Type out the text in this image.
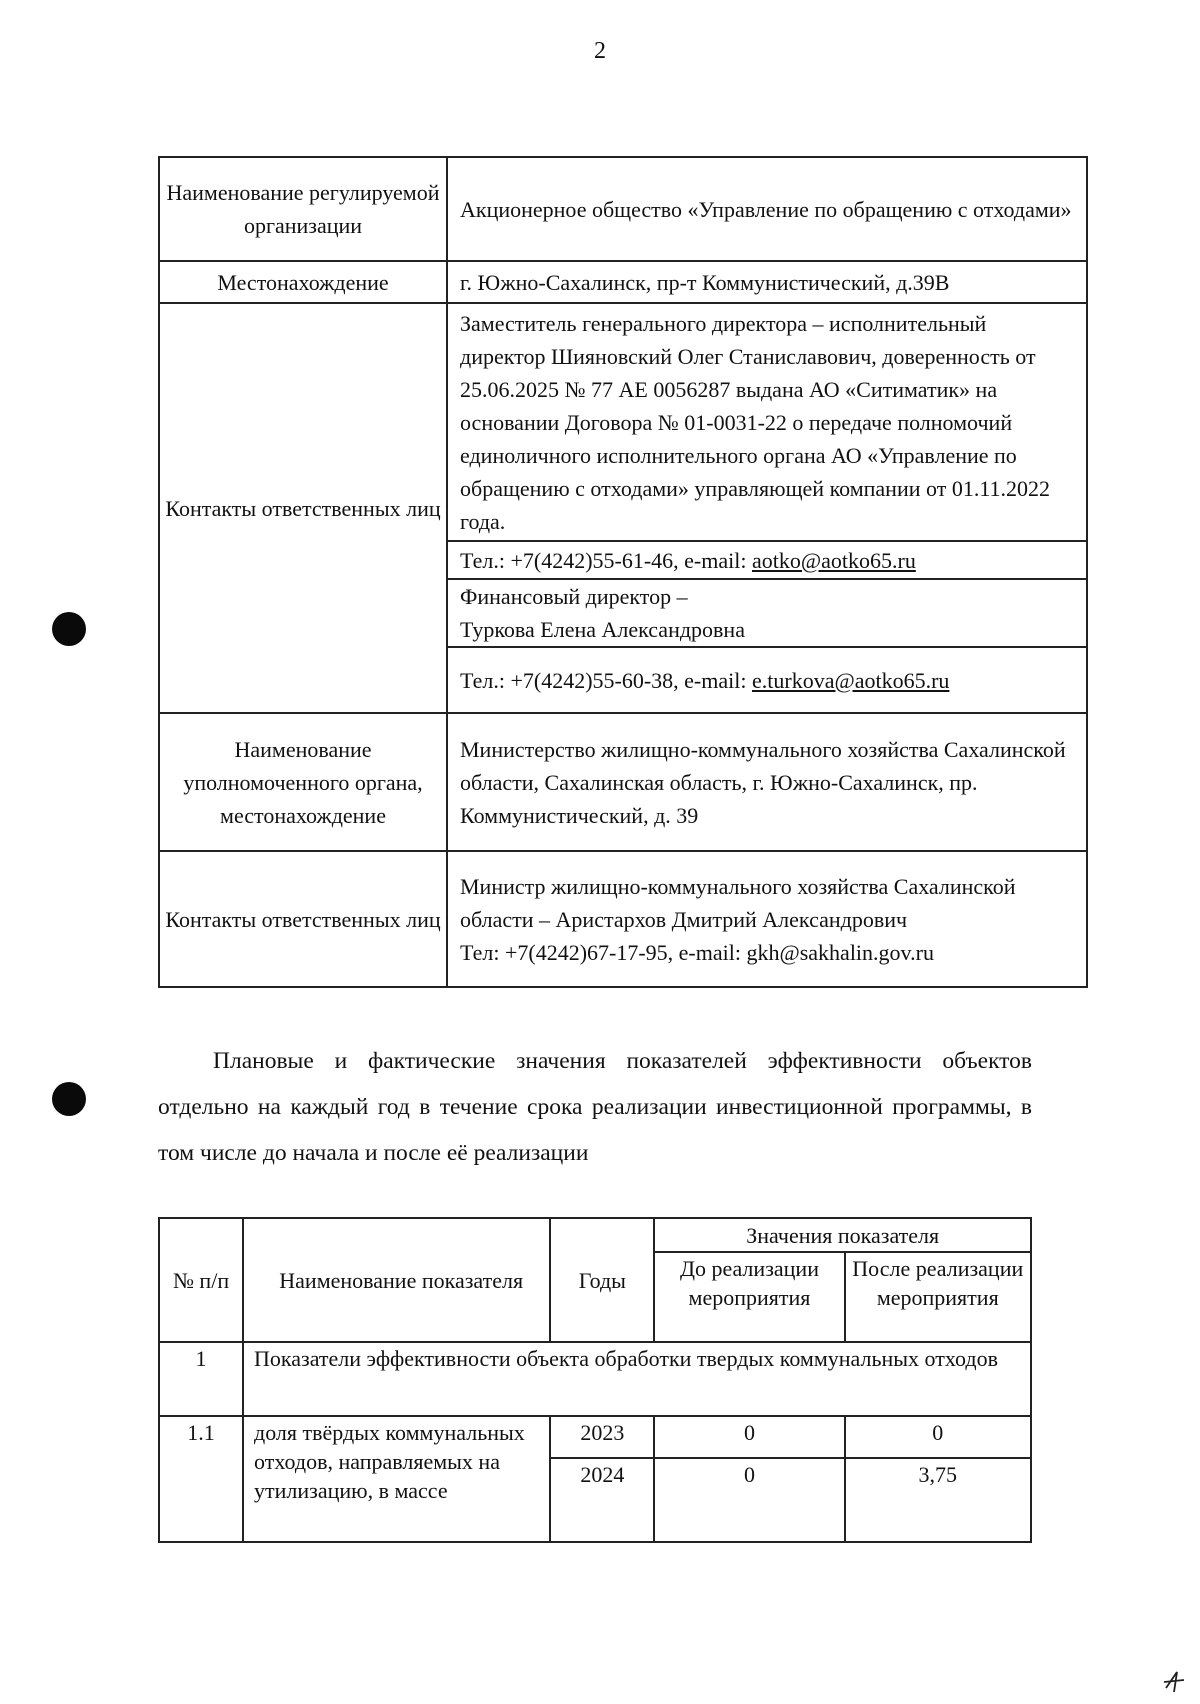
2
Наименование регулируемой организации	Акционерное общество «Управление по обращению с отходами»
Местонахождение	г. Южно-Сахалинск, пр-т Коммунистический, д.39В
Контакты ответственных лиц	Заместитель генерального директора – исполнительный директор Шияновский Олег Станиславович, доверенность от 25.06.2025 № 77 АЕ 0056287 выдана АО «Ситиматик» на основании Договора № 01-0031-22 о передаче полномочий единоличного исполнительного органа АО «Управление по обращению с отходами» управляющей компании от 01.11.2022 года.
	Тел.: +7(4242)55-61-46, e-mail: aotko@aotko65.ru
	Финансовый директор –
Туркова Елена Александровна
	Тел.: +7(4242)55-60-38, e-mail: e.turkova@aotko65.ru
Наименование уполномоченного органа, местонахождение	Министерство жилищно-коммунального хозяйства Сахалинской области, Сахалинская область, г. Южно-Сахалинск, пр. Коммунистический, д. 39
Контакты ответственных лиц	Министр жилищно-коммунального хозяйства Сахалинской области – Аристархов Дмитрий Александрович
Тел: +7(4242)67-17-95, e-mail: gkh@sakhalin.gov.ru
Плановые и фактические значения показателей эффективности объектов отдельно на каждый год в течение срока реализации инвестиционной программы, в том числе до начала и после её реализации
№ п/п	Наименование показателя	Годы	Значения показателя	
			До реализации мероприятия	После реализации мероприятия
1	Показатели эффективности объекта обработки твердых коммунальных отходов			
1.1	доля твёрдых коммунальных отходов, направляемых на утилизацию, в массе	2023	0	0
		2024	0	3,75
